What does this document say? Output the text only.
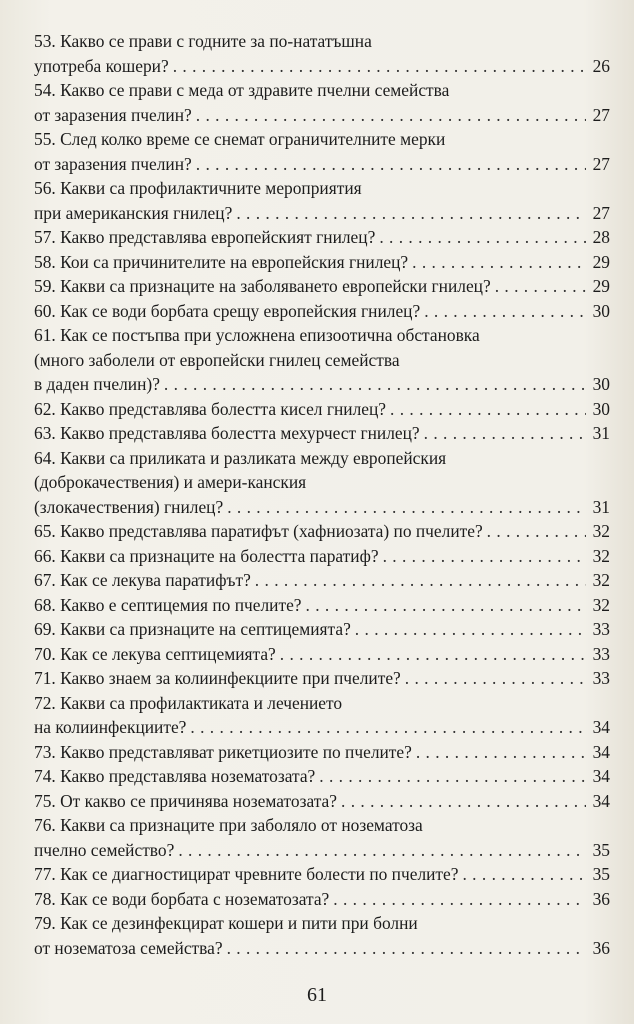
53. Какво се прави с годните за по-нататъшна
употреба кошери? . . .	26
54. Какво се прави с меда от здравите пчелни семейства
от заразения пчелин? . . .	27
55. След колко време се снемат ограничителните мерки
от заразения пчелин? . . .	27
56. Какви са профилактичните мероприятия
при американския гнилец? . . .	27
57. Какво представлява европейският гнилец? . . .	28
58. Кои са причинителите на европейския гнилец? . . .	29
59. Какви са признаците на заболяването европейски гнилец? . . .	29
60. Как се води борбата срещу европейския гнилец? . . .	30
61. Как се постъпва при усложнена епизоотична обстановка
(много заболели от европейски гнилец семейства
в даден пчелин)? . . .	30
62. Какво представлява болестта кисел гнилец? . . .	30
63. Какво представлява болестта мехурчест гнилец? . . .	31
64. Какви са приликата и разликата между европейския
(доброкачествения) и амери-канския
(злокачествения) гнилец? . . .	31
65. Какво представлява паратифът (хафниозата) по пчелите? . . .	32
66. Какви са признаците на болестта паратиф? . . .	32
67. Как се лекува паратифът? . . .	32
68. Какво е септицемия по пчелите? . . .	32
69. Какви са признаците на септицемията? . . .	33
70. Как се лекува септицемията? . . .	33
71. Какво знаем за колиинфекциите при пчелите? . . .	33
72. Какви са профилактиката и лечението
на колиинфекциите? . . .	34
73. Какво представляват рикетциозите по пчелите? . . .	34
74. Какво представлява нозематозата? . . .	34
75. От какво се причинява нозематозата? . . .	34
76. Какви са признаците при заболяло от нозематоза
пчелно семейство? . . .	35
77. Как се диагностицират чревните болести по пчелите? . . .	35
78. Как се води борбата с нозематозата? . . .	36
79. Как се дезинфекцират кошери и пити при болни
от нозематоза семейства? . . .	36
61
